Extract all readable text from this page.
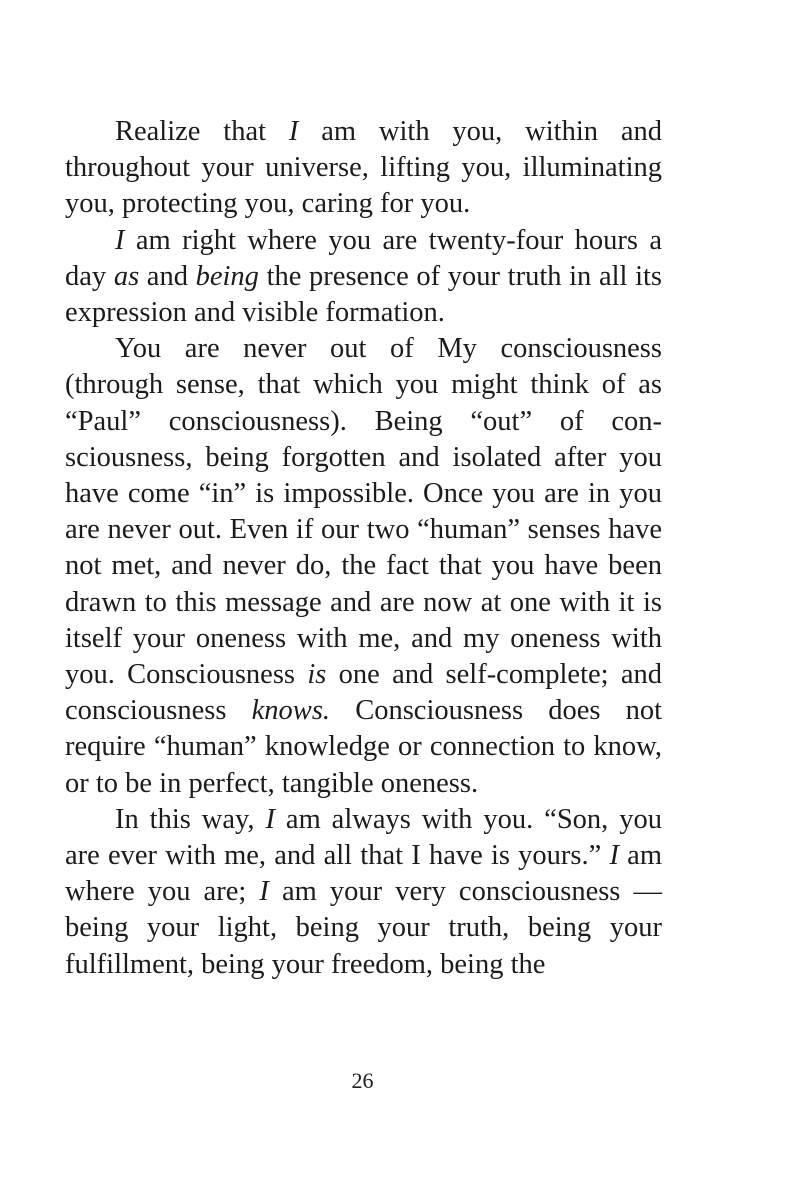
Realize that I am with you, within and throughout your universe, lifting you, illuminating you, protecting you, caring for you.

I am right where you are twenty-four hours a day as and being the presence of your truth in all its expression and visible formation.

You are never out of My consciousness (through sense, that which you might think of as “Paul” consciousness). Being “out” of consciousness, being forgotten and isolated after you have come “in” is impossible. Once you are in you are never out. Even if our two “human” senses have not met, and never do, the fact that you have been drawn to this message and are now at one with it is itself your oneness with me, and my oneness with you. Consciousness is one and self-complete; and consciousness knows. Consciousness does not require “human” knowledge or connection to know, or to be in perfect, tangible oneness.

In this way, I am always with you. “Son, you are ever with me, and all that I have is yours.” I am where you are; I am your very consciousness — being your light, being your truth, being your fulfillment, being your freedom, being the

26
